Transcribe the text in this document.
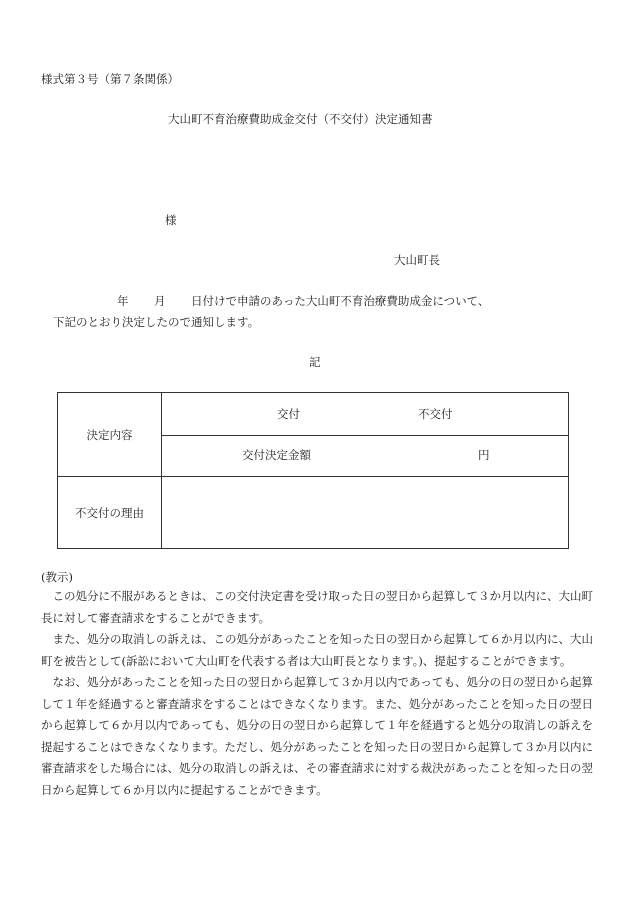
様式第３号（第７条関係）
大山町不育治療費助成金交付（不交付）決定通知書
様
大山町長
年 月 日付けで申請のあった大山町不育治療費助成金について、
下記のとおり決定したので通知します。
記
決定内容	交付 不交付

	交付決定金額 円

不交付の理由	
(教示)

　この処分に不服があるときは、この交付決定書を受け取った日の翌日から起算して３か月以内に、大山町長に対して審査請求をすることができます。

　また、処分の取消しの訴えは、この処分があったことを知った日の翌日から起算して６か月以内に、大山町を被告として(訴訟において大山町を代表する者は大山町長となります。)、提起することができます。

　なお、処分があったことを知った日の翌日から起算して３か月以内であっても、処分の日の翌日から起算して１年を経過すると審査請求をすることはできなくなります。また、処分があったことを知った日の翌日から起算して６か月以内であっても、処分の日の翌日から起算して１年を経過すると処分の取消しの訴えを提起することはできなくなります。ただし、処分があったことを知った日の翌日から起算して３か月以内に審査請求をした場合には、処分の取消しの訴えは、その審査請求に対する裁決があったことを知った日の翌日から起算して６か月以内に提起することができます。
